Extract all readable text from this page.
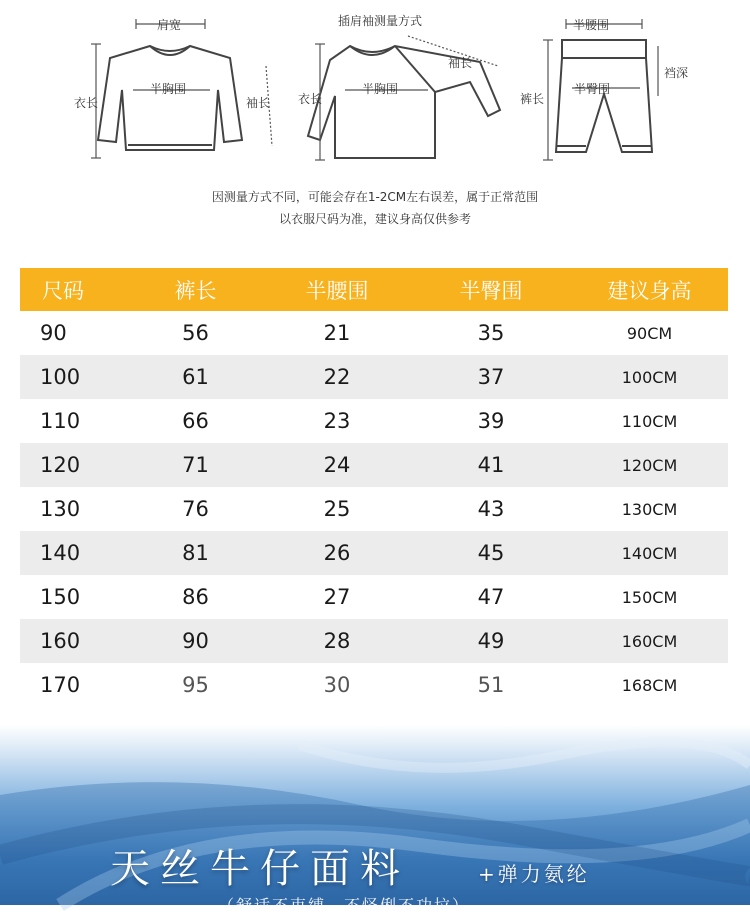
肩宽
衣长
半胸围
袖长
插肩袖测量方式
袖长
衣长
半胸围
半腰围
裤长
半臀围
裆深
因测量方式不同，可能会存在1-2CM左右误差，属于正常范围
以衣服尺码为准，建议身高仅供参考
尺码	裤长	半腰围	半臀围	建议身高
90	56	21	35	90CM
100	61	22	37	100CM
110	66	23	39	110CM
120	71	24	41	120CM
130	76	25	43	130CM
140	81	26	45	140CM
150	86	27	47	150CM
160	90	28	49	160CM
170	95	30	51	168CM
天丝牛仔面料	+弹力氨纶
（舒适不束缚，不怪俐不功垃）
